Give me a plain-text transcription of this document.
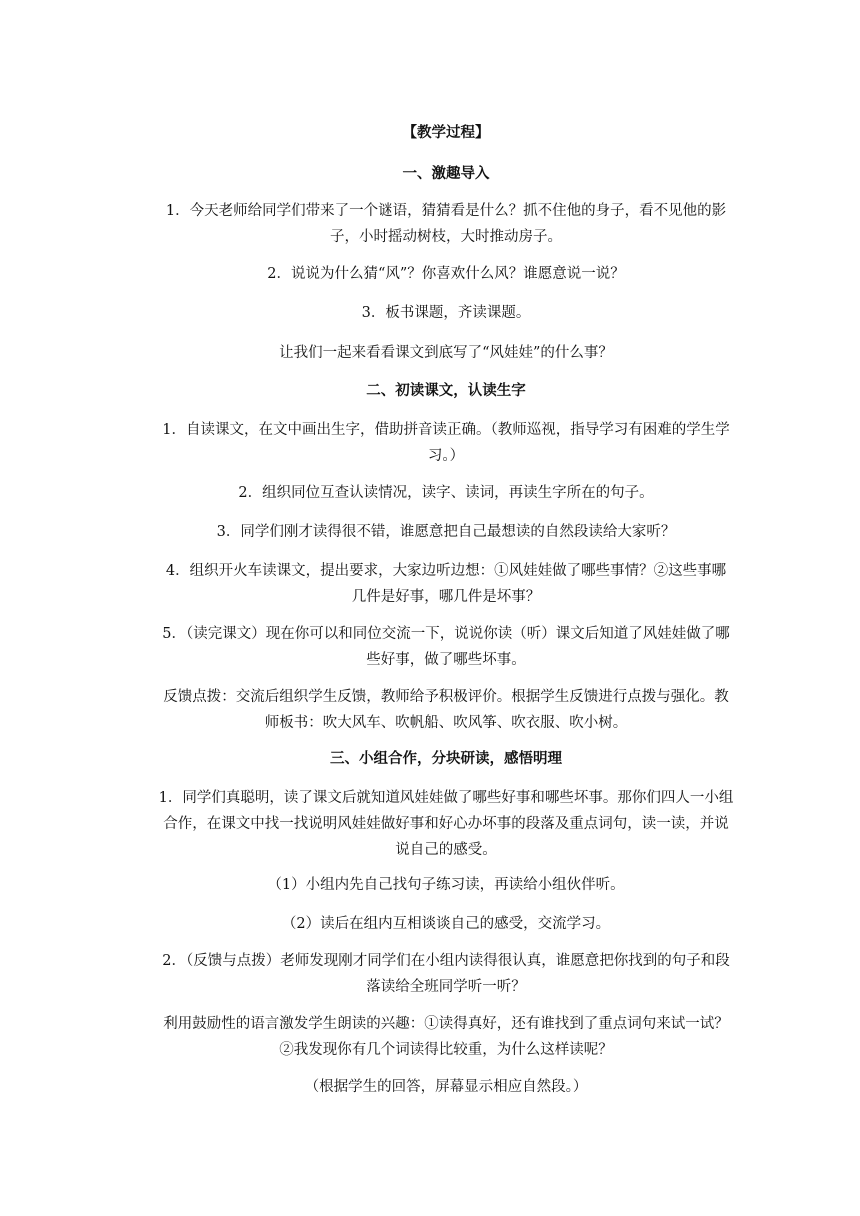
【教学过程】
一、激趣导入
1．今天老师给同学们带来了一个谜语，猜猜看是什么？抓不住他的身子，看不见他的影子，小时摇动树枝，大时推动房子。
2．说说为什么猜“风”？你喜欢什么风？谁愿意说一说？
3．板书课题，齐读课题。
让我们一起来看看课文到底写了“风娃娃”的什么事？
二、初读课文，认读生字
1．自读课文，在文中画出生字，借助拼音读正确。（教师巡视，指导学习有困难的学生学习。）
2．组织同位互查认读情况，读字、读词，再读生字所在的句子。
3．同学们刚才读得很不错，谁愿意把自己最想读的自然段读给大家听？
4．组织开火车读课文，提出要求，大家边听边想：①风娃娃做了哪些事情？②这些事哪几件是好事，哪几件是坏事？
5．（读完课文）现在你可以和同位交流一下，说说你读（听）课文后知道了风娃娃做了哪些好事，做了哪些坏事。
反馈点拨：交流后组织学生反馈，教师给予积极评价。根据学生反馈进行点拨与强化。教师板书：吹大风车、吹帆船、吹风筝、吹衣服、吹小树。
三、小组合作，分块研读，感悟明理
1．同学们真聪明，读了课文后就知道风娃娃做了哪些好事和哪些坏事。那你们四人一小组合作，在课文中找一找说明风娃娃做好事和好心办坏事的段落及重点词句，读一读，并说说自己的感受。
（1）小组内先自己找句子练习读，再读给小组伙伴听。
（2）读后在组内互相谈谈自己的感受，交流学习。
2．（反馈与点拨）老师发现刚才同学们在小组内读得很认真，谁愿意把你找到的句子和段落读给全班同学听一听？
利用鼓励性的语言激发学生朗读的兴趣：①读得真好，还有谁找到了重点词句来试一试？②我发现你有几个词读得比较重，为什么这样读呢？
（根据学生的回答，屏幕显示相应自然段。）
